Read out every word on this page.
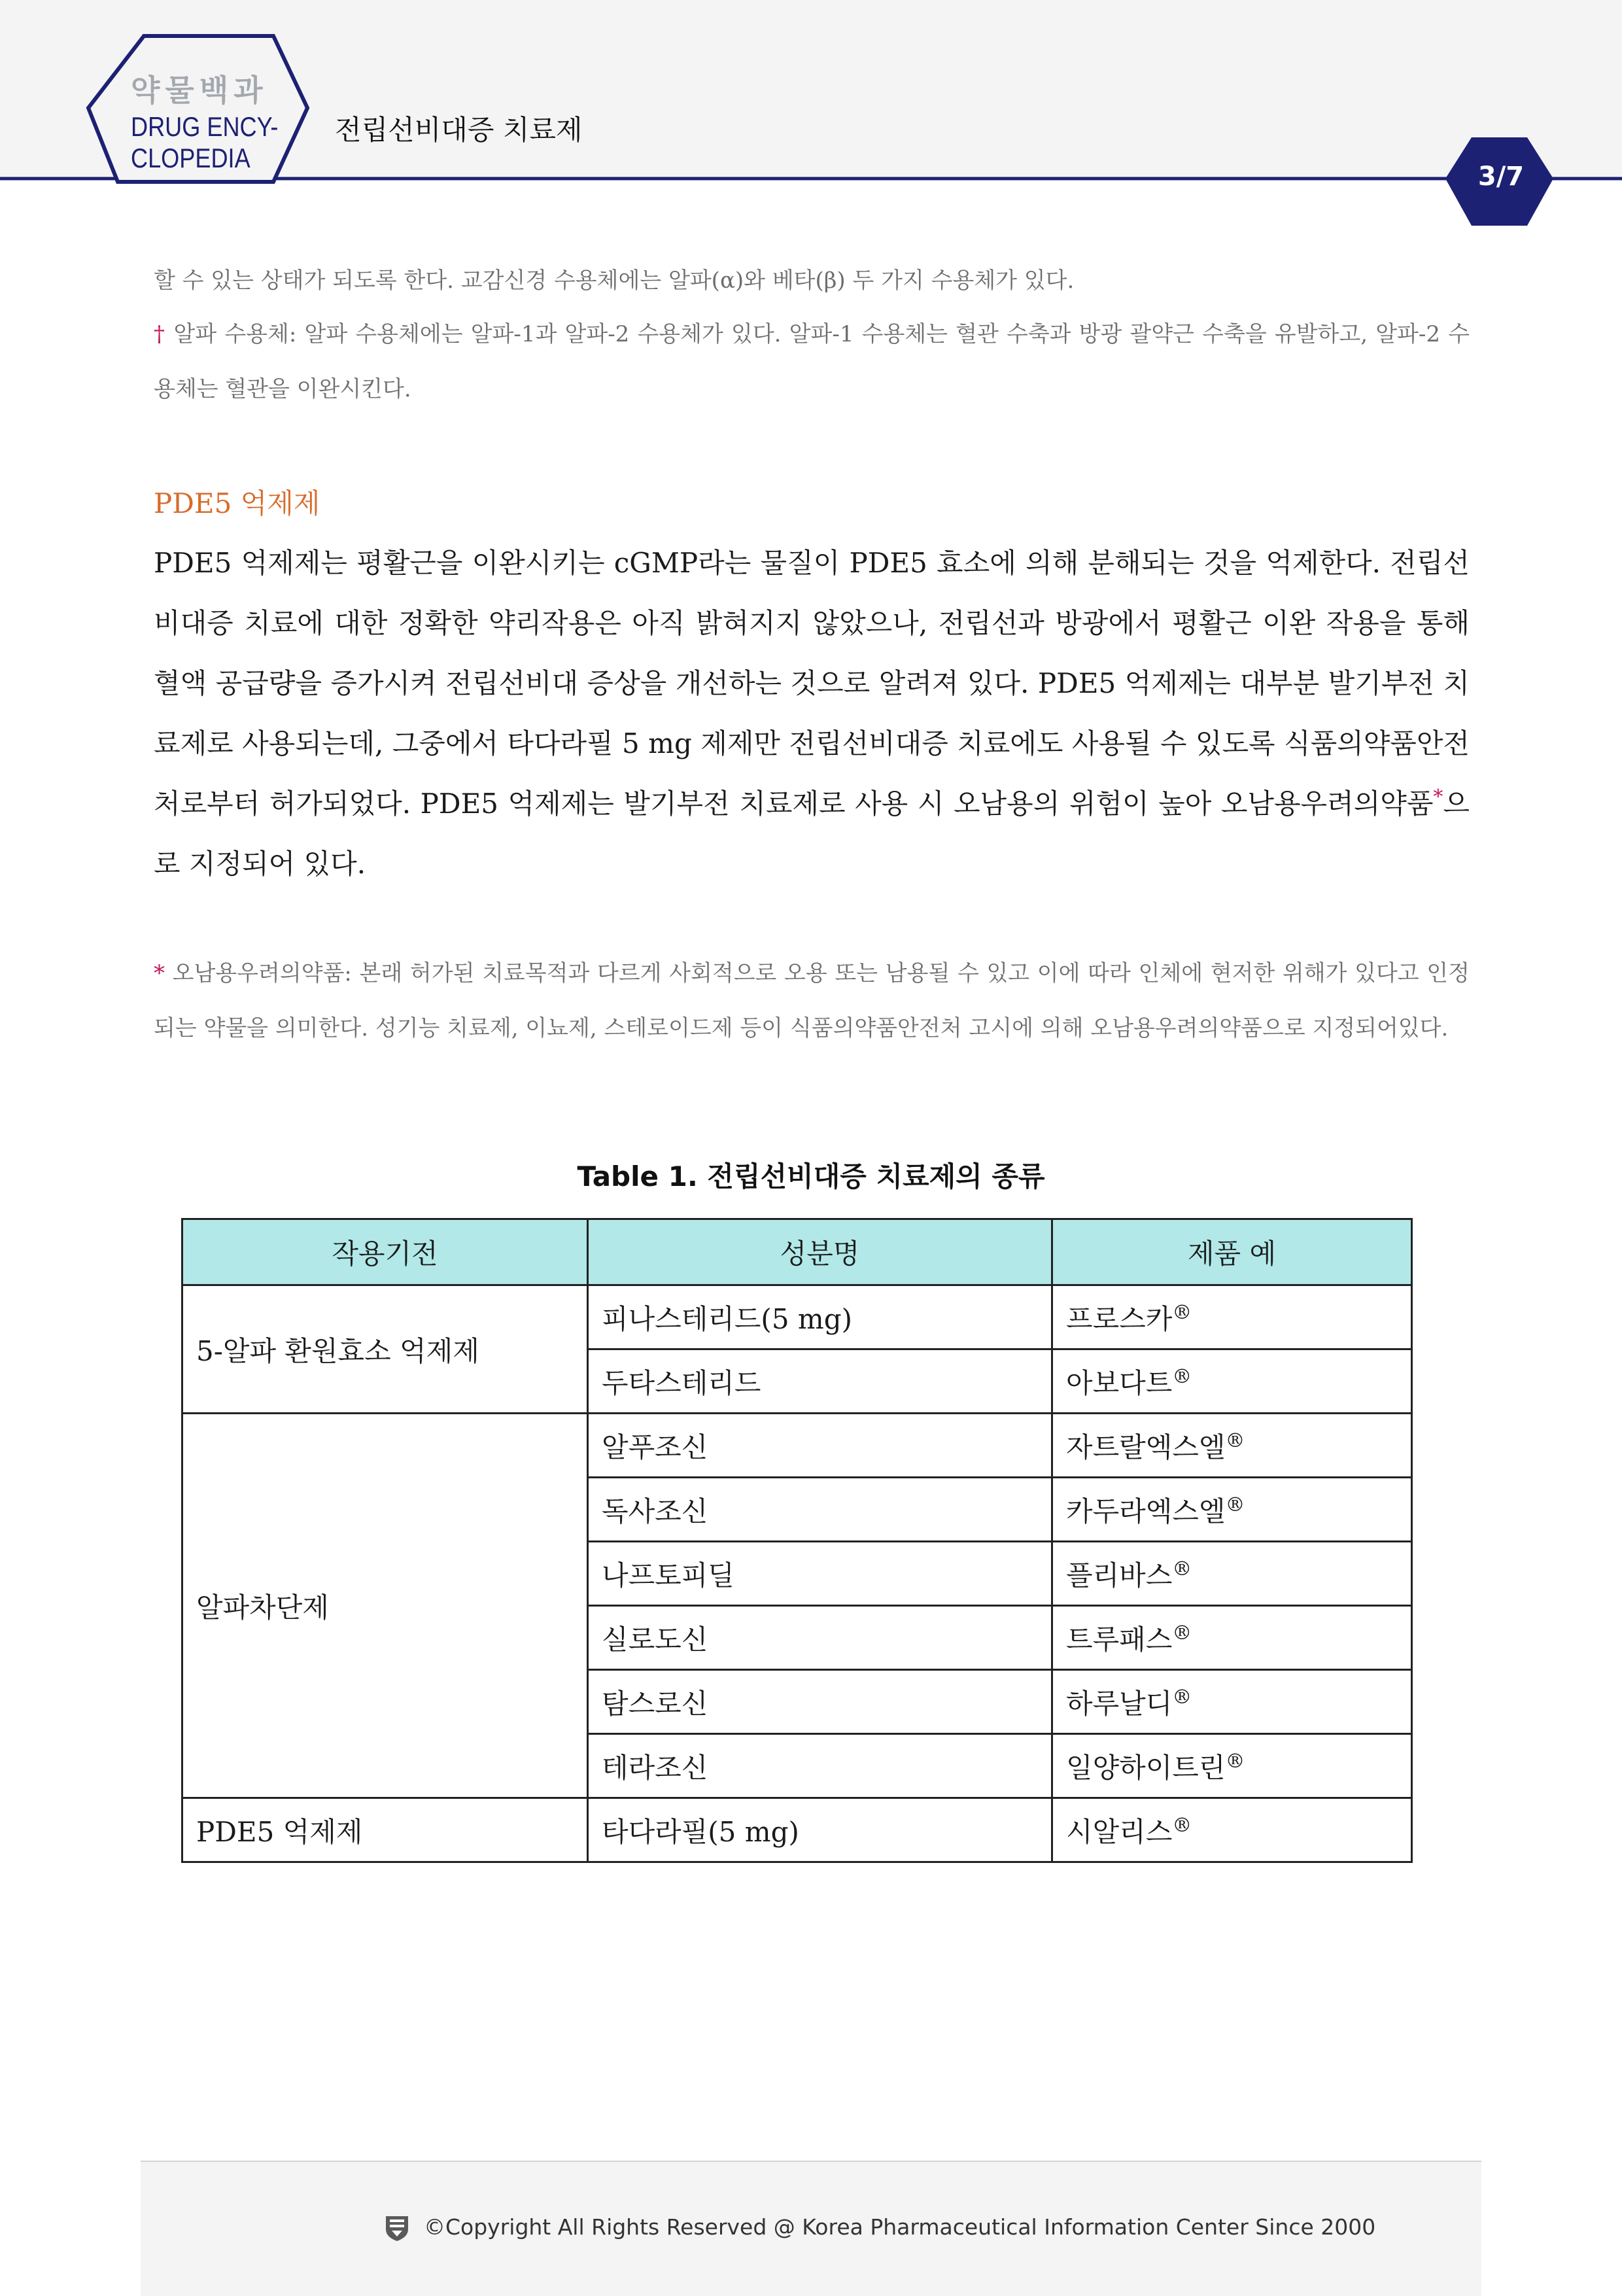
약물백과
DRUG ENCY-
CLOPEDIA
전립선비대증 치료제
3/7
할 수 있는 상태가 되도록 한다. 교감신경 수용체에는 알파(α)와 베타(β) 두 가지 수용체가 있다.
† 알파 수용체: 알파 수용체에는 알파-1과 알파-2 수용체가 있다. 알파-1 수용체는 혈관 수축과 방광 괄약근 수축을 유발하고, 알파-2 수용체는 혈관을 이완시킨다.
PDE5 억제제
PDE5 억제제는 평활근을 이완시키는 cGMP라는 물질이 PDE5 효소에 의해 분해되는 것을 억제한다. 전립선비대증 치료에 대한 정확한 약리작용은 아직 밝혀지지 않았으나, 전립선과 방광에서 평활근 이완 작용을 통해 혈액 공급량을 증가시켜 전립선비대 증상을 개선하는 것으로 알려져 있다. PDE5 억제제는 대부분 발기부전 치료제로 사용되는데, 그중에서 타다라필 5 mg 제제만 전립선비대증 치료에도 사용될 수 있도록 식품의약품안전처로부터 허가되었다. PDE5 억제제는 발기부전 치료제로 사용 시 오남용의 위험이 높아 오남용우려의약품*으로 지정되어 있다.
* 오남용우려의약품: 본래 허가된 치료목적과 다르게 사회적으로 오용 또는 남용될 수 있고 이에 따라 인체에 현저한 위해가 있다고 인정되는 약물을 의미한다. 성기능 치료제, 이뇨제, 스테로이드제 등이 식품의약품안전처 고시에 의해 오남용우려의약품으로 지정되어있다.
Table 1. 전립선비대증 치료제의 종류
작용기전	성분명	제품 예
5-알파 환원효소 억제제	피나스테리드(5 mg)	프로스카®
	두타스테리드	아보다트®
알파차단제	알푸조신	자트랄엑스엘®
	독사조신	카두라엑스엘®
	나프토피딜	플리바스®
	실로도신	트루패스®
	탐스로신	하루날디®
	테라조신	일양하이트린®
PDE5 억제제	타다라필(5 mg)	시알리스®
©Copyright All Rights Reserved @ Korea Pharmaceutical Information Center Since 2000
